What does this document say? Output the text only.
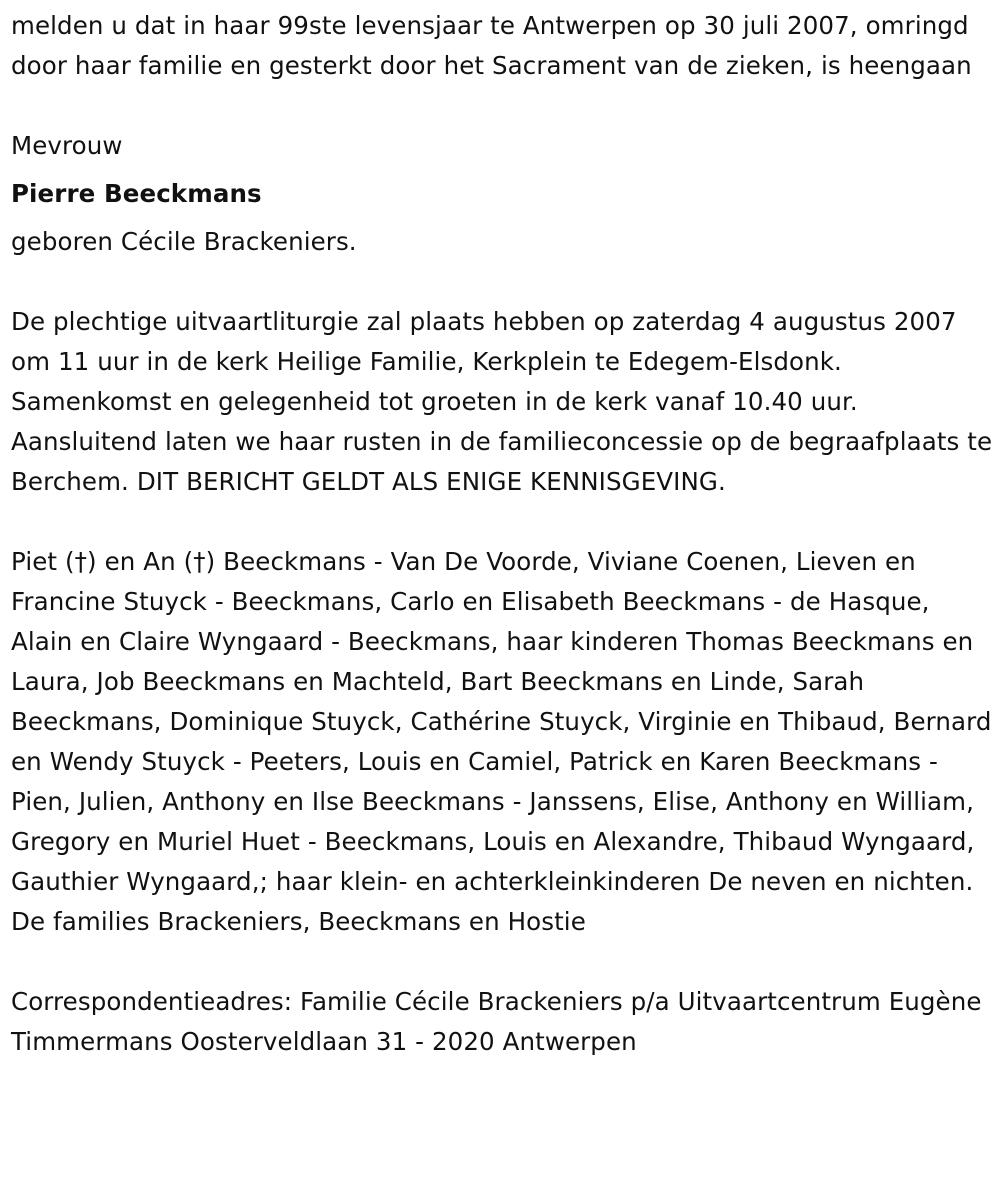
melden u dat in haar 99ste levensjaar te Antwerpen op 30 juli 2007, omringd door haar familie en gesterkt door het Sacrament van de zieken, is heengaan

Mevrouw

Pierre Beeckmans

geboren Cécile Brackeniers.

De plechtige uitvaartliturgie zal plaats hebben op zaterdag 4 augustus 2007 om 11 uur in de kerk Heilige Familie, Kerkplein te Edegem-Elsdonk. Samenkomst en gelegenheid tot groeten in de kerk vanaf 10.40 uur. Aansluitend laten we haar rusten in de familieconcessie op de begraafplaats te Berchem. DIT BERICHT GELDT ALS ENIGE KENNISGEVING.

Piet (†) en An (†) Beeckmans - Van De Voorde, Viviane Coenen, Lieven en Francine Stuyck - Beeckmans, Carlo en Elisabeth Beeckmans - de Hasque, Alain en Claire Wyngaard - Beeckmans, haar kinderen Thomas Beeckmans en Laura, Job Beeckmans en Machteld, Bart Beeckmans en Linde, Sarah Beeckmans, Dominique Stuyck, Cathérine Stuyck, Virginie en Thibaud, Bernard en Wendy Stuyck - Peeters, Louis en Camiel, Patrick en Karen Beeckmans - Pien, Julien, Anthony en Ilse Beeckmans - Janssens, Elise, Anthony en William, Gregory en Muriel Huet - Beeckmans, Louis en Alexandre, Thibaud Wyngaard, Gauthier Wyngaard,; haar klein- en achterkleinkinderen De neven en nichten. De families Brackeniers, Beeckmans en Hostie

Correspondentieadres: Familie Cécile Brackeniers p/a Uitvaartcentrum Eugène Timmermans Oosterveldlaan 31 - 2020 Antwerpen
